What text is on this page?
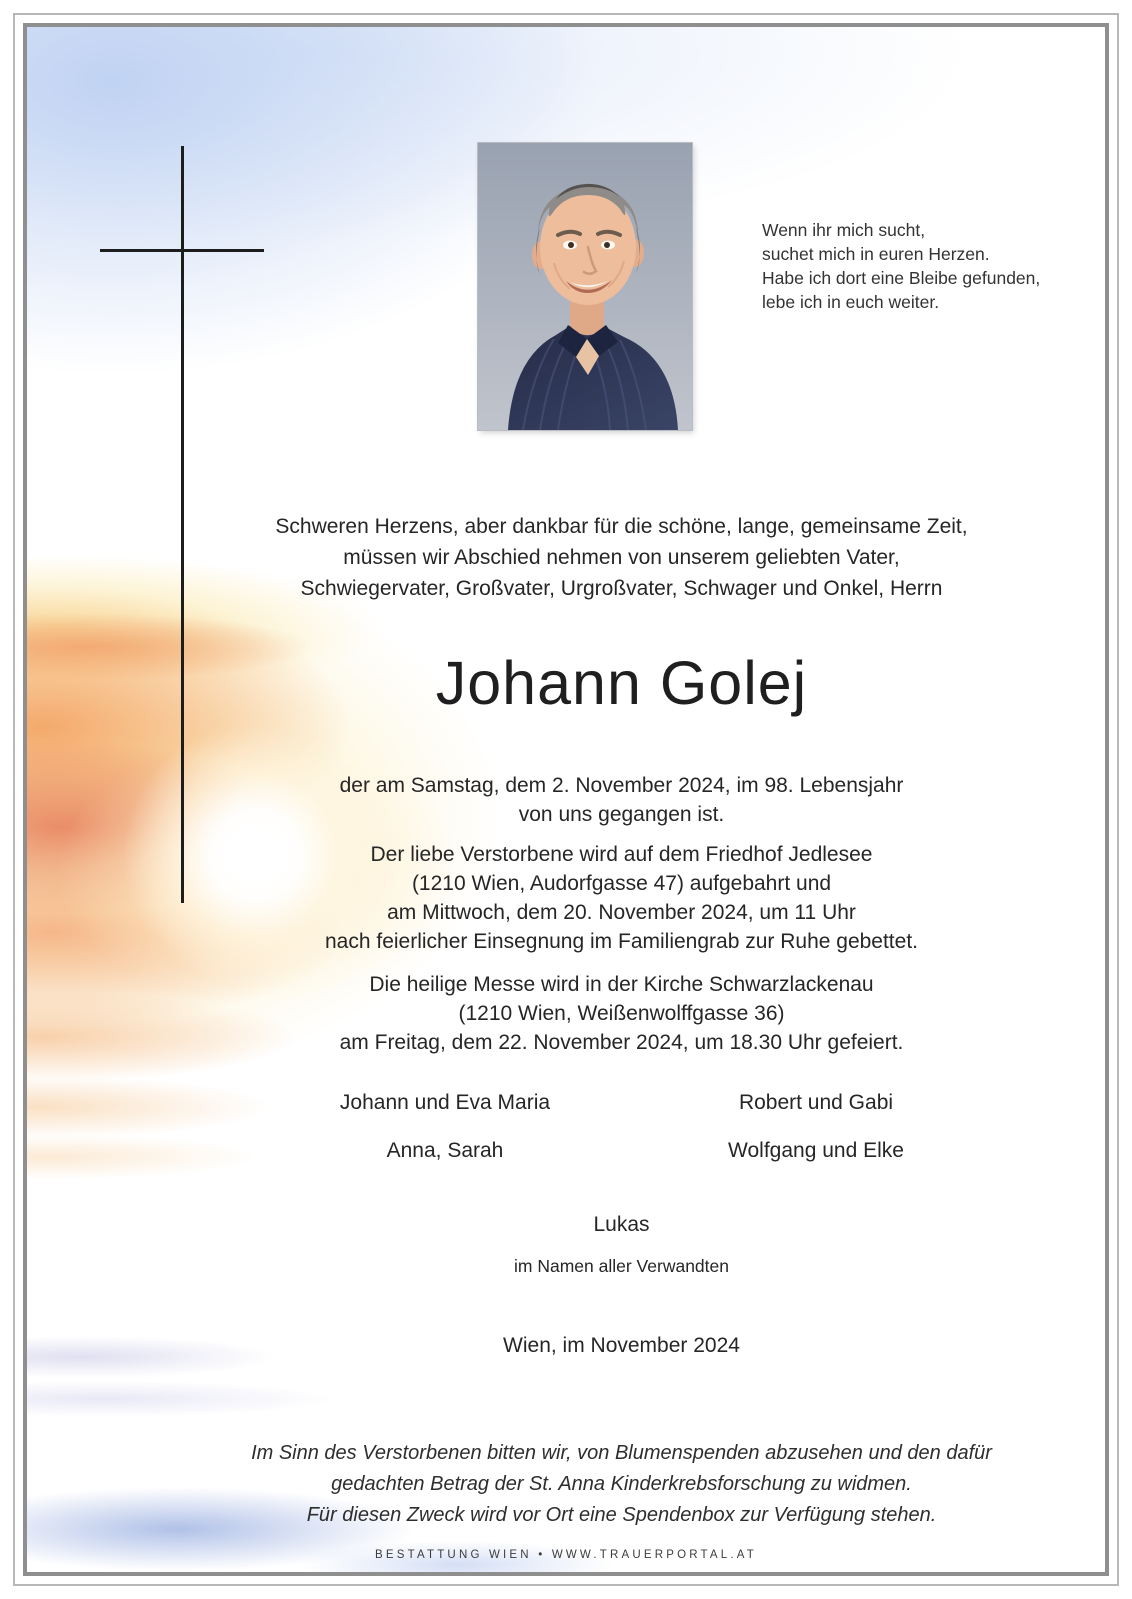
Wenn ihr mich sucht,
suchet mich in euren Herzen.
Habe ich dort eine Bleibe gefunden,
lebe ich in euch weiter.
Schweren Herzens, aber dankbar für die schöne, lange, gemeinsame Zeit,
müssen wir Abschied nehmen von unserem geliebten Vater,
Schwiegervater, Großvater, Urgroßvater, Schwager und Onkel, Herrn
Johann Golej
der am Samstag, dem 2. November 2024, im 98. Lebensjahr
von uns gegangen ist.
Der liebe Verstorbene wird auf dem Friedhof Jedlesee
(1210 Wien, Audorfgasse 47) aufgebahrt und
am Mittwoch, dem 20. November 2024, um 11 Uhr
nach feierlicher Einsegnung im Familiengrab zur Ruhe gebettet.
Die heilige Messe wird in der Kirche Schwarzlackenau
(1210 Wien, Weißenwolffgasse 36)
am Freitag, dem 22. November 2024, um 18.30 Uhr gefeiert.
Johann und Eva Maria
Anna, Sarah
Robert und Gabi
Wolfgang und Elke
Lukas
im Namen aller Verwandten
Wien, im November 2024
Im Sinn des Verstorbenen bitten wir, von Blumenspenden abzusehen und den dafür
gedachten Betrag der St. Anna Kinderkrebsforschung zu widmen.
Für diesen Zweck wird vor Ort eine Spendenbox zur Verfügung stehen.
BESTATTUNG WIEN • WWW.TRAUERPORTAL.AT
